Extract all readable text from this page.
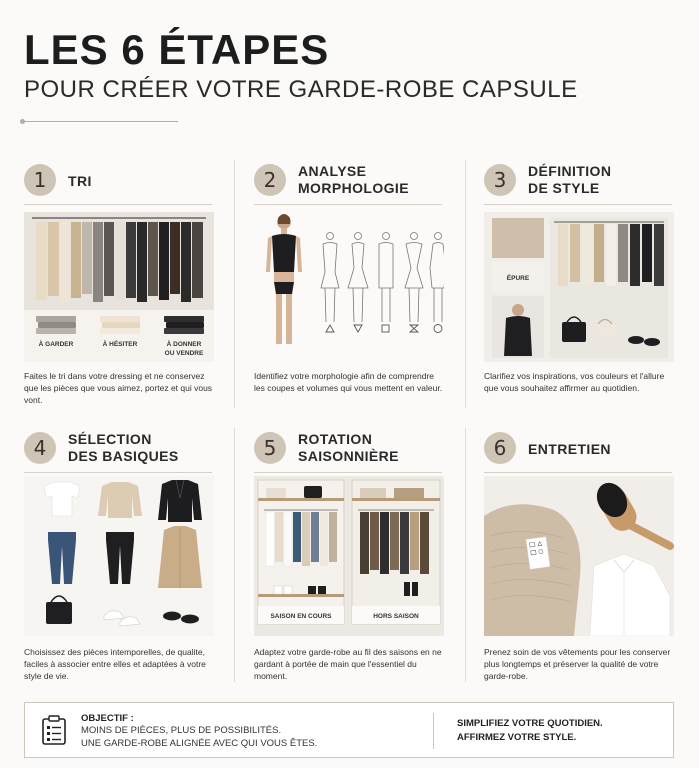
LES 6 ÉTAPES
POUR CRÉER VOTRE GARDE-ROBE CAPSULE
1	TRI
À GARDER	À HÉSITER	À DONNER
OU VENDRE
Faites le tri dans votre dressing et ne conservez que les pièces que vous aimez, portez et qui vous vont.
2	ANALYSE
MORPHOLOGIE
Identifiez votre morphologie afin de comprendre les coupes et volumes qui vous mettent en valeur.
3	DÉFINITION
DE STYLE
ÉPURE
Clarifiez vos inspirations, vos couleurs et l'allure que vous souhaitez affirmer au quotidien.
4	SÉLECTION
DES BASIQUES
Choisissez des pièces intemporelles, de qualite, faciles à associer entre elles et adaptées à votre style de vie.
5	ROTATION
SAISONNIÈRE
SAISON EN COURS	HORS SAISON
Adaptez votre garde-robe au fil des saisons en ne gardant à portée de main que l'essentiel du moment.
6	ENTRETIEN
Prenez soin de vos vêtements pour les conserver plus longtemps et préserver la qualité de votre garde-robe.
OBJECTIF :
MOINS DE PIÈCES, PLUS DE POSSIBILITÉS.
UNE GARDE-ROBE ALIGNÉE AVEC QUI VOUS ÊTES.
SIMPLIFIEZ VOTRE QUOTIDIEN.
AFFIRMEZ VOTRE STYLE.
